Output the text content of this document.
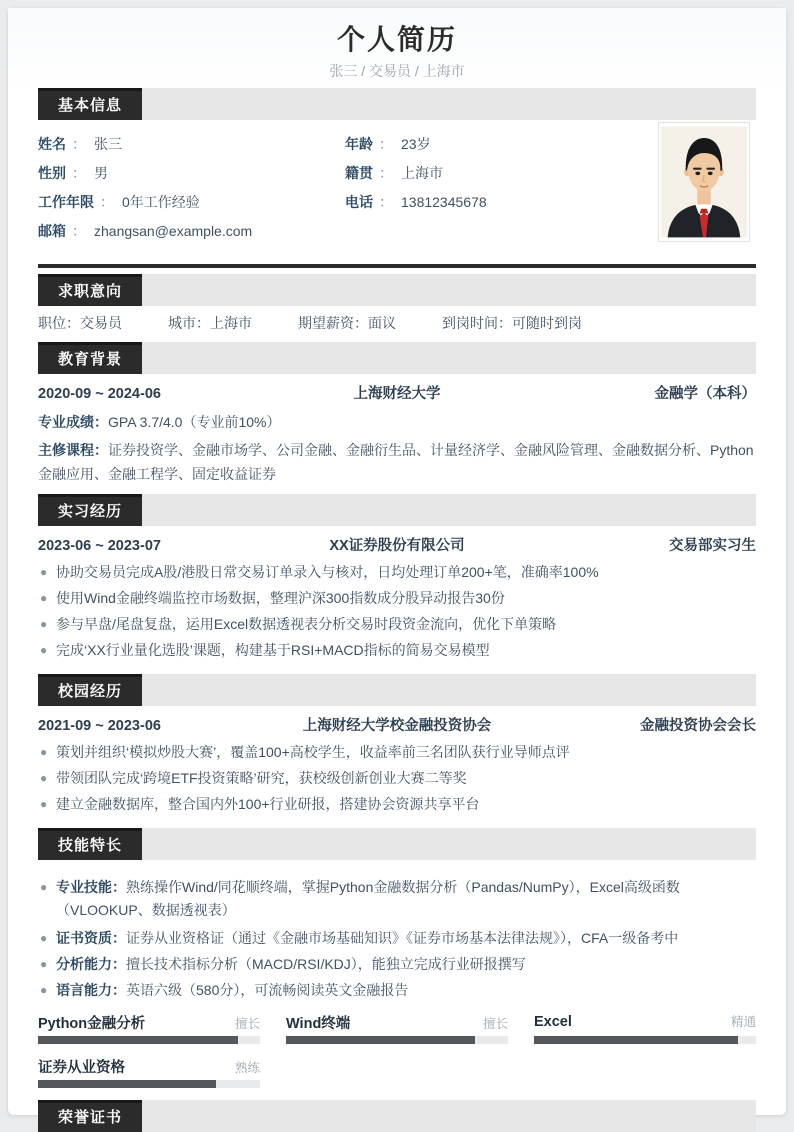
个人简历
张三 / 交易员 / 上海市
基本信息
姓名 ： 张三	年龄 ： 23岁
性别 ： 男	籍贯 ： 上海市
工作年限 ： 0年工作经验	电话 ： 13812345678
邮箱 ： zhangsan@example.com
求职意向
职位：交易员	城市：上海市	期望薪资：面议	到岗时间：可随时到岗
教育背景
2020-09 ~ 2024-06	上海财经大学	金融学（本科）
专业成绩：GPA 3.7/4.0（专业前10%）
主修课程：证券投资学、金融市场学、公司金融、金融衍生品、计量经济学、金融风险管理、金融数据分析、Python金融应用、金融工程学、固定收益证券
实习经历
2023-06 ~ 2023-07	XX证券股份有限公司	交易部实习生
● 协助交易员完成A股/港股日常交易订单录入与核对，日均处理订单200+笔，准确率100%
● 使用Wind金融终端监控市场数据，整理沪深300指数成分股异动报告30份
● 参与早盘/尾盘复盘，运用Excel数据透视表分析交易时段资金流向，优化下单策略
● 完成‘XX行业量化选股’课题，构建基于RSI+MACD指标的简易交易模型
校园经历
2021-09 ~ 2023-06	上海财经大学校金融投资协会	金融投资协会会长
● 策划并组织‘模拟炒股大赛’，覆盖100+高校学生，收益率前三名团队获行业导师点评
● 带领团队完成‘跨境ETF投资策略’研究，获校级创新创业大赛二等奖
● 建立金融数据库，整合国内外100+行业研报，搭建协会资源共享平台
技能特长
● 专业技能：熟练操作Wind/同花顺终端，掌握Python金融数据分析（Pandas/NumPy），Excel高级函数（VLOOKUP、数据透视表）
● 证书资质：证券从业资格证（通过《金融市场基础知识》《证券市场基本法律法规》），CFA一级备考中
● 分析能力：擅长技术指标分析（MACD/RSI/KDJ），能独立完成行业研报撰写
● 语言能力：英语六级（580分），可流畅阅读英文金融报告
Python金融分析	擅长 Wind终端	擅长 Excel	精通
证券从业资格	熟练
荣誉证书
